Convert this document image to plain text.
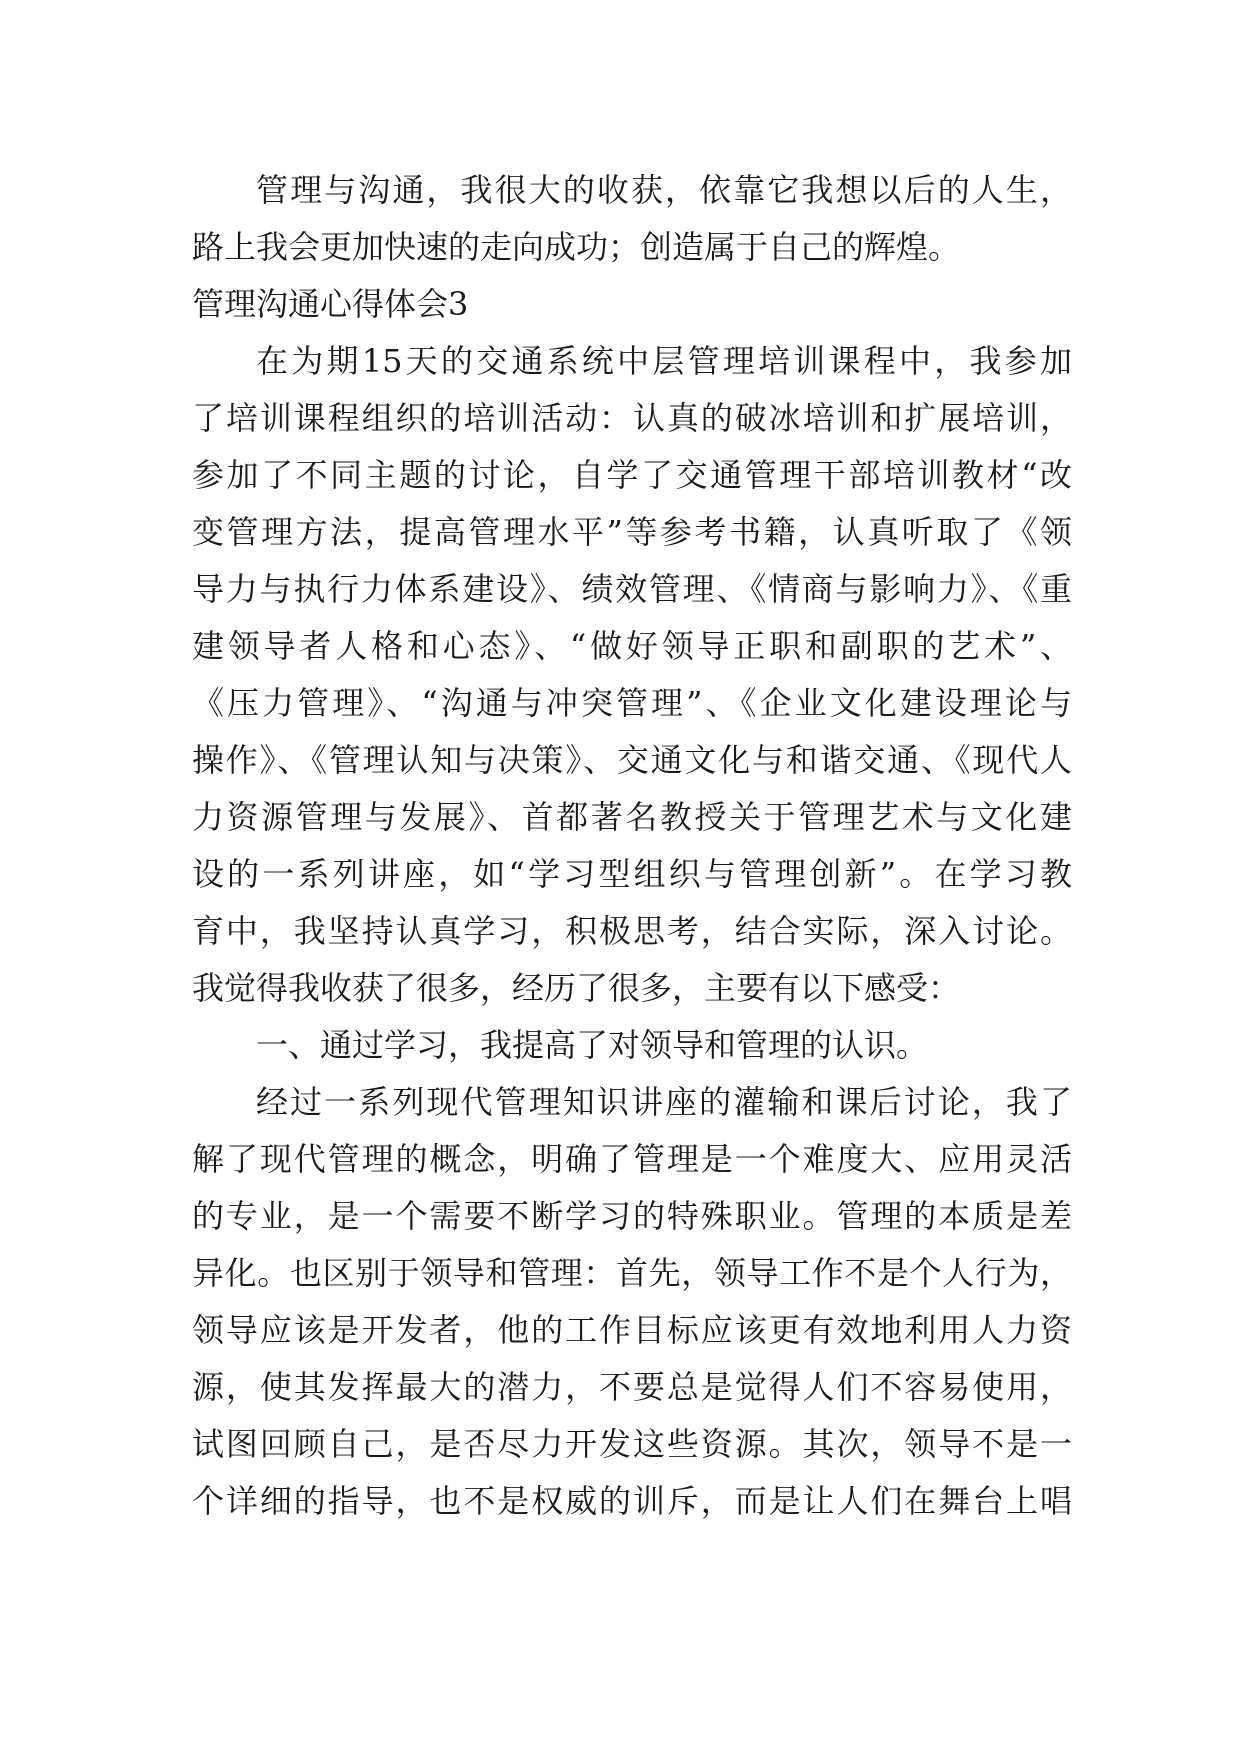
管理与沟通，我很大的收获，依靠它我想以后的人生，
路上我会更加快速的走向成功；创造属于自己的辉煌。
管理沟通心得体会3
在为期15天的交通系统中层管理培训课程中，我参加
了培训课程组织的培训活动：认真的破冰培训和扩展培训，
参加了不同主题的讨论，自学了交通管理干部培训教材“改
变管理方法，提高管理水平”等参考书籍，认真听取了《领
导力与执行力体系建设》、绩效管理、《情商与影响力》、《重
建领导者人格和心态》、“做好领导正职和副职的艺术”、
《压力管理》、“沟通与冲突管理”、《企业文化建设理论与
操作》、《管理认知与决策》、交通文化与和谐交通、《现代人
力资源管理与发展》、首都著名教授关于管理艺术与文化建
设的一系列讲座，如“学习型组织与管理创新”。在学习教
育中，我坚持认真学习，积极思考，结合实际，深入讨论。
我觉得我收获了很多，经历了很多，主要有以下感受：
一、通过学习，我提高了对领导和管理的认识。
经过一系列现代管理知识讲座的灌输和课后讨论，我了
解了现代管理的概念，明确了管理是一个难度大、应用灵活
的专业，是一个需要不断学习的特殊职业。管理的本质是差
异化。也区别于领导和管理：首先，领导工作不是个人行为，
领导应该是开发者，他的工作目标应该更有效地利用人力资
源，使其发挥最大的潜力，不要总是觉得人们不容易使用，
试图回顾自己，是否尽力开发这些资源。其次，领导不是一
个详细的指导，也不是权威的训斥，而是让人们在舞台上唱
